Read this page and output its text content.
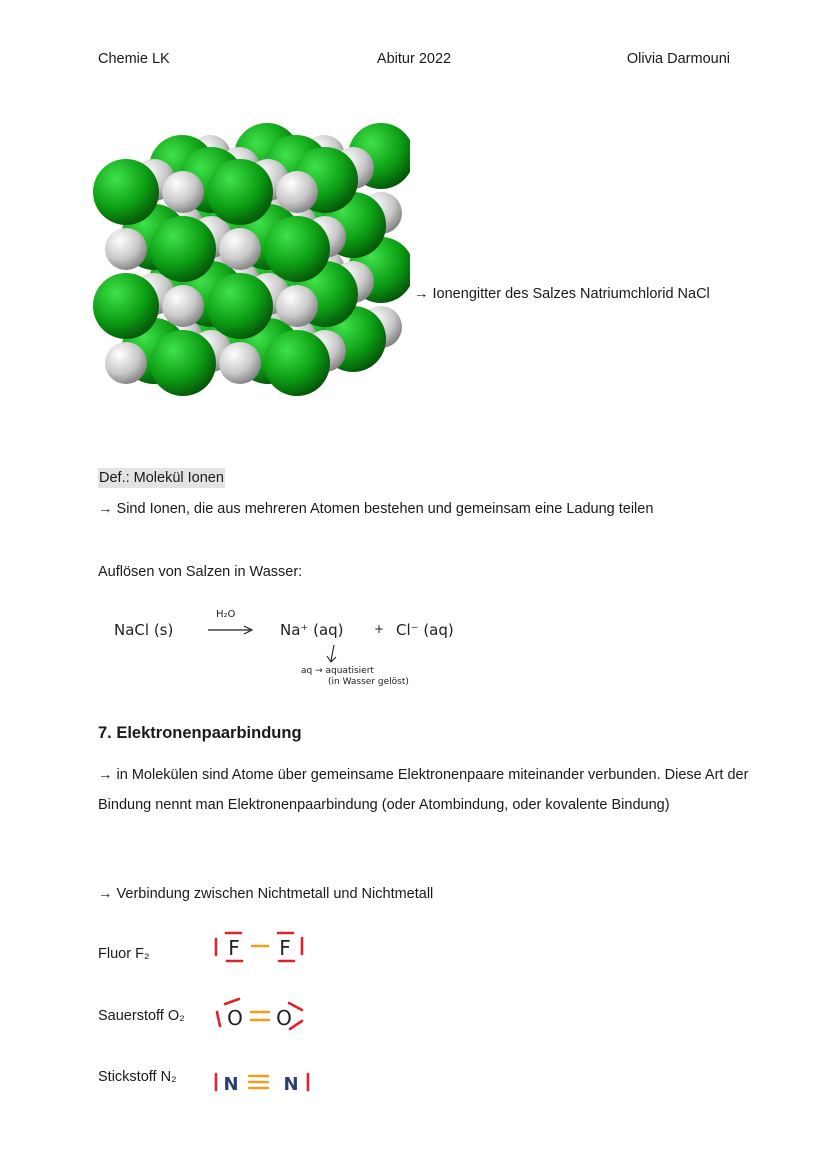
Chemie LK	Abitur 2022	Olivia Darmouni
→ Ionengitter des Salzes Natriumchlorid NaCl
Def.: Molekül Ionen
→ Sind Ionen, die aus mehreren Atomen bestehen und gemeinsam eine Ladung teilen
Auflösen von Salzen in Wasser:
NaCl (s)
H₂O
→ Na⁺ (aq)	+ Cl⁻ (aq)
aq → aquatisiert
(in Wasser gelöst)
7. Elektronenpaarbindung
→ in Molekülen sind Atome über gemeinsame Elektronenpaare miteinander verbunden. Diese Art der Bindung nennt man Elektronenpaarbindung (oder Atombindung, oder kovalente Bindung)
→ Verbindung zwischen Nichtmetall und Nichtmetall
Fluor F₂	F F
Sauerstoff O₂ O O
Stickstoff N₂	N N
